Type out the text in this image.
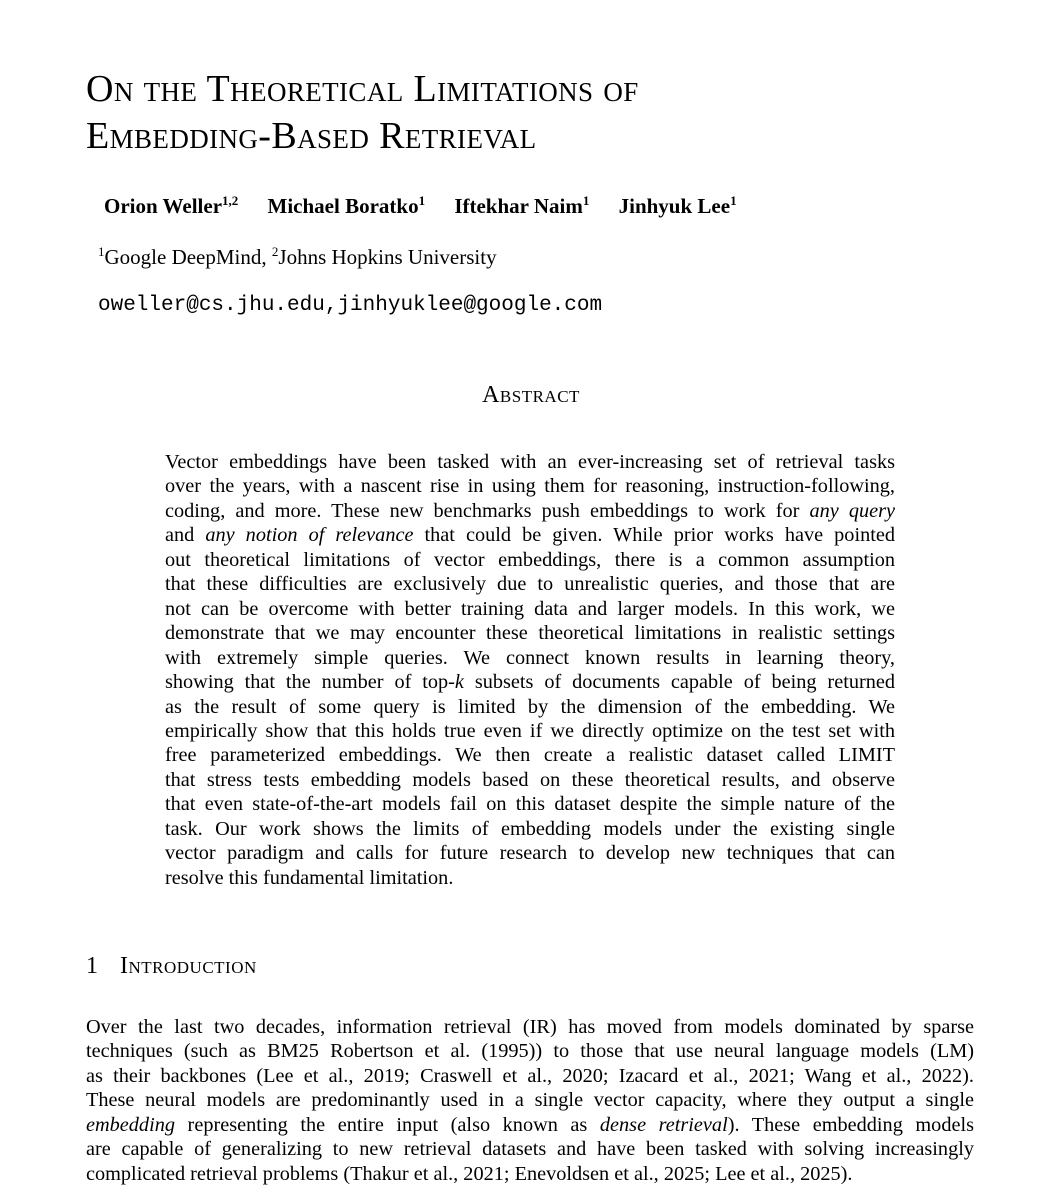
On the Theoretical Limitations of
Embedding-Based Retrieval
Orion Weller$^{1,2}$ Michael Boratko$^1$ Iftekhar Naim$^1$ Jinhyuk Lee$^1$
$^1$Google DeepMind, $^2$Johns Hopkins University
oweller@cs.jhu.edu,jinhyuklee@google.com
Abstract
Vector embeddings have been tasked with an ever-increasing set of retrieval tasks
over the years, with a nascent rise in using them for reasoning, instruction-following,
coding, and more. These new benchmarks push embeddings to work for any query
and any notion of relevance that could be given. While prior works have pointed
out theoretical limitations of vector embeddings, there is a common assumption
that these difficulties are exclusively due to unrealistic queries, and those that are
not can be overcome with better training data and larger models. In this work, we
demonstrate that we may encounter these theoretical limitations in realistic settings
with extremely simple queries. We connect known results in learning theory,
showing that the number of top-k subsets of documents capable of being returned
as the result of some query is limited by the dimension of the embedding. We
empirically show that this holds true even if we directly optimize on the test set with
free parameterized embeddings. We then create a realistic dataset called LIMIT
that stress tests embedding models based on these theoretical results, and observe
that even state-of-the-art models fail on this dataset despite the simple nature of the
task. Our work shows the limits of embedding models under the existing single
vector paradigm and calls for future research to develop new techniques that can
resolve this fundamental limitation.
1 Introduction
Over the last two decades, information retrieval (IR) has moved from models dominated by sparse
techniques (such as BM25 Robertson et al. (1995)) to those that use neural language models (LM)
as their backbones (Lee et al., 2019; Craswell et al., 2020; Izacard et al., 2021; Wang et al., 2022).
These neural models are predominantly used in a single vector capacity, where they output a single
embedding representing the entire input (also known as dense retrieval). These embedding models
are capable of generalizing to new retrieval datasets and have been tasked with solving increasingly
complicated retrieval problems (Thakur et al., 2021; Enevoldsen et al., 2025; Lee et al., 2025).
